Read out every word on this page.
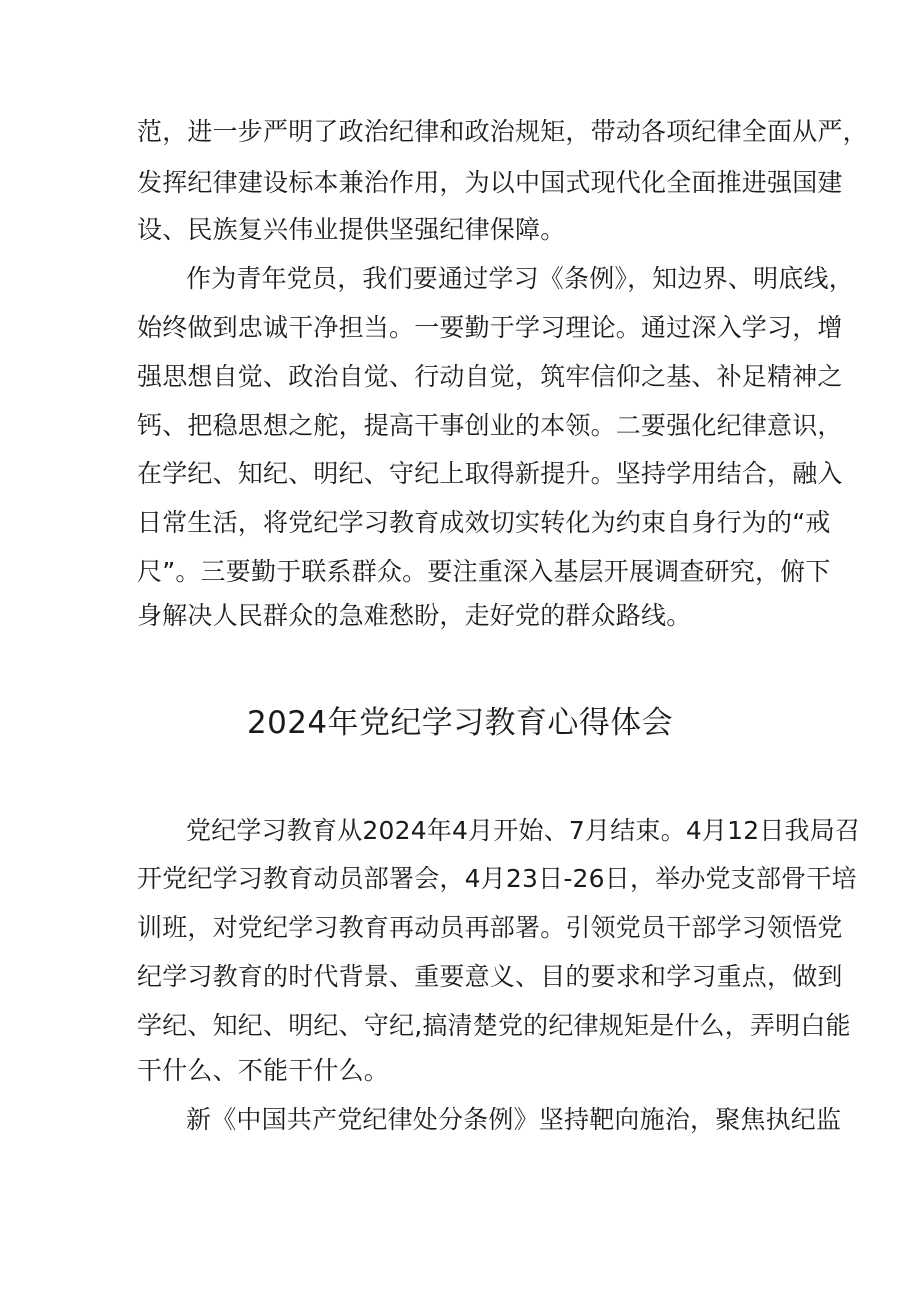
范，进一步严明了政治纪律和政治规矩，带动各项纪律全面从严，
发挥纪律建设标本兼治作用，为以中国式现代化全面推进强国建
设、民族复兴伟业提供坚强纪律保障。
作为青年党员，我们要通过学习《条例》，知边界、明底线，
始终做到忠诚干净担当。一要勤于学习理论。通过深入学习，增
强思想自觉、政治自觉、行动自觉，筑牢信仰之基、补足精神之
钙、把稳思想之舵，提高干事创业的本领。二要强化纪律意识，
在学纪、知纪、明纪、守纪上取得新提升。坚持学用结合，融入
日常生活，将党纪学习教育成效切实转化为约束自身行为的“戒
尺”。三要勤于联系群众。要注重深入基层开展调查研究，俯下
身解决人民群众的急难愁盼，走好党的群众路线。
2024年党纪学习教育心得体会
党纪学习教育从2024年4月开始、7月结束。4月12日我局召
开党纪学习教育动员部署会，4月23日-26日，举办党支部骨干培
训班，对党纪学习教育再动员再部署。引领党员干部学习领悟党
纪学习教育的时代背景、重要意义、目的要求和学习重点，做到
学纪、知纪、明纪、守纪,搞清楚党的纪律规矩是什么，弄明白能
干什么、不能干什么。
新《中国共产党纪律处分条例》坚持靶向施治，聚焦执纪监
